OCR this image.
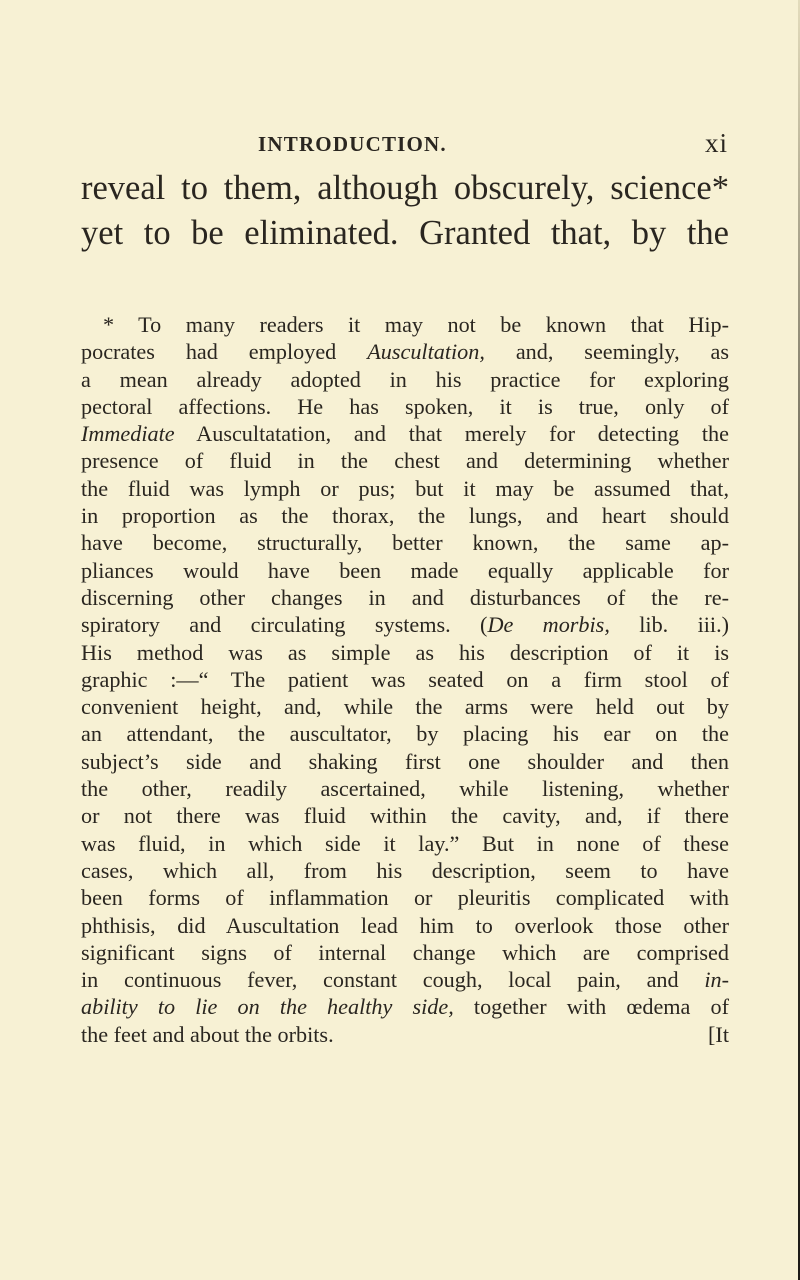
INTRODUCTION.	xi
reveal to them, although obscurely, science*
yet to be eliminated. Granted that, by the
* To many readers it may not be known that Hip-
pocrates had employed Auscultation, and, seemingly, as
a mean already adopted in his practice for exploring
pectoral affections. He has spoken, it is true, only of
Immediate Auscultatation, and that merely for detecting the
presence of fluid in the chest and determining whether
the fluid was lymph or pus; but it may be assumed that,
in proportion as the thorax, the lungs, and heart should
have become, structurally, better known, the same ap-
pliances would have been made equally applicable for
discerning other changes in and disturbances of the re-
spiratory and circulating systems. (De morbis, lib. iii.)
His method was as simple as his description of it is
graphic :—“ The patient was seated on a firm stool of
convenient height, and, while the arms were held out by
an attendant, the auscultator, by placing his ear on the
subject’s side and shaking first one shoulder and then
the other, readily ascertained, while listening, whether
or not there was fluid within the cavity, and, if there
was fluid, in which side it lay.” But in none of these
cases, which all, from his description, seem to have
been forms of inflammation or pleuritis complicated with
phthisis, did Auscultation lead him to overlook those other
significant signs of internal change which are comprised
in continuous fever, constant cough, local pain, and in-
ability to lie on the healthy side, together with œdema of
the feet and about the orbits.	[It
